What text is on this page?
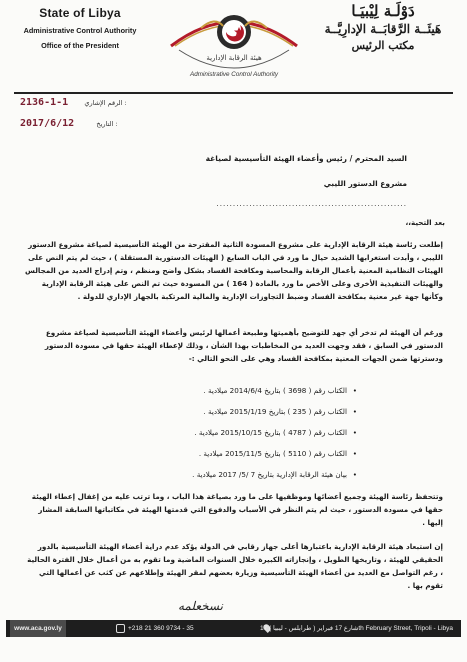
State of Libya
Administrative Control Authority
Office of the President
هيئة الرقابة الإدارية
Administrative Control Authority
دَوْلَـة لِيْبيَـا
هَيئَــة الرَّقابَــة الإدارِيَّــة
مكتب الرئيس
2136-1-1 الرقم الإشاري :
2017/6/12	التاريخ :
السيد المحترم / رئيس وأعضاء الهيئة التأسيسية لصياغة
مشروع الدستور الليبي
..........................................................
بعد التحية،،
إطلعت رئاسة هيئة الرقابة الإدارية على مشروع المسودة الثانية المقترحة من الهيئة التأسيسية لصياغة مشروع الدستور الليبي ، وأبدت استغرابها الشديد حيال ما ورد في الباب السابع ( الهيئات الدستورية المستقلة ) ، حيث لم يتم النص على الهيئات النظامية المعنية بأعمال الرقابة والمحاسبة ومكافحة الفساد بشكل واضح ومنظم ، وتم إدراج العديد من المجالس والهيئات التنفيذية الأخرى وعلى الأخص ما ورد بالمادة ( 164 ) من المسودة حيث تم النص على هيئة الرقابة الإدارية وكأنها جهة غير معنية بمكافحة الفساد وضبط التجاوزات الإدارية والمالية المرتكبة بالجهاز الإداري للدولة .
ورغم أن الهيئة لم تدخر أي جهد للتوضيح بأهميتها وطبيعة أعمالها لرئيس وأعضاء الهيئة التأسيسية لصياغة مشروع الدستور في السابق ، فقد وجهت العديد من المخاطبات بهذا الشأن ، وذلك لإعطاء الهيئة حقها في مسودة الدستور ودسترتها ضمن الجهات المعنية بمكافحة الفساد وهي على النحو التالي :-
• الكتاب رقم ( 3698 ) بتاريخ 2014/6/4 ميلادية .
• الكتاب رقم ( 235 ) بتاريخ 2015/1/19 ميلادية .
• الكتاب رقم ( 4787 ) بتاريخ 2015/10/15 ميلادية .
• الكتاب رقم ( 5110 ) بتاريخ 2015/11/5 ميلادية .
• بيان هيئة الرقابة الإدارية بتاريخ 7 /5/ 2017 ميلادية .
وتتحفظ رئاسة الهيئة وجميع أعضائها وموظفيها على ما ورد بصياغة هذا الباب ، وما ترتب عليه من إغفال إعطاء الهيئة حقها في مسودة الدستور ، حيث لم يتم النظر في الأسباب والدفوع التي قدمتها الهيئة في مكاتباتها السابقة المشار إليها .
إن استبعاد هيئة الرقابة الإدارية باعتبارها أعلى جهاز رقابي في الدولة يؤكد عدم دراية أعضاء الهيئة التأسيسية بالدور الحقيقي للهيئة ، وتاريخها الطويل ، وإنجازاته الكبيرة خلال السنوات الماضية وما تقوم به من أعمال خلال الفترة الحالية ، رغم التواصل مع العديد من أعضاء الهيئة التأسيسية وزيارة بعضهم لمقر الهيئة وإطلاعهم عن كثب عن أعمالها التي تقوم بها .
نسخعلمه
www.aca.gov.ly	+218 21 360 9734 - 35	شارع 17 فبراير ( طرابلس - ليبيا ) 17th February Street, Tripoli - Libya
